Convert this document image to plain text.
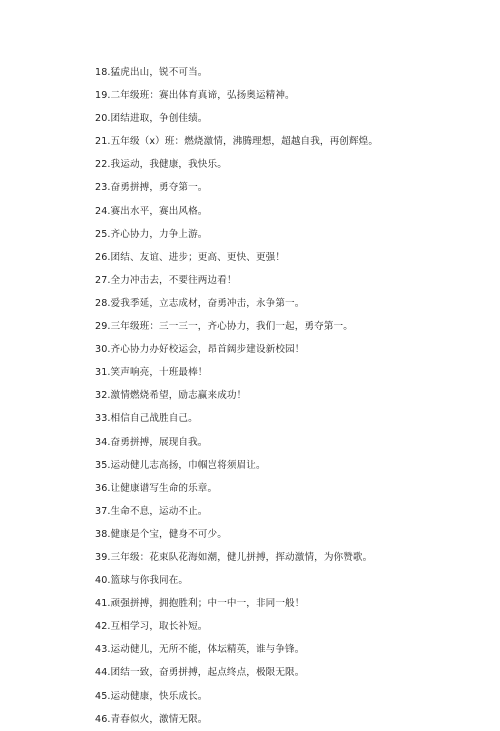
18.猛虎出山，锐不可当。
19.二年级班：赛出体育真谛，弘扬奥运精神。
20.团结进取，争创佳绩。
21.五年级（x）班：燃烧激情，沸腾理想，超越自我，再创辉煌。
22.我运动，我健康，我快乐。
23.奋勇拼搏，勇夺第一。
24.赛出水平，赛出风格。
25.齐心协力，力争上游。
26.团结、友谊、进步；更高、更快、更强！
27.全力冲击去，不要往两边看！
28.爱我季延，立志成材，奋勇冲击，永争第一。
29.三年级班：三一三一，齐心协力，我们一起，勇夺第一。
30.齐心协力办好校运会，昂首阔步建设新校园！
31.笑声响亮，十班最棒！
32.激情燃烧希望，励志赢来成功！
33.相信自己战胜自己。
34.奋勇拼搏，展现自我。
35.运动健儿志高扬，巾帼岂将须眉让。
36.让健康谱写生命的乐章。
37.生命不息，运动不止。
38.健康是个宝，健身不可少。
39.三年级：花束队花海如潮，健儿拼搏，挥动激情，为你赞歌。
40.篮球与你我同在。
41.顽强拼搏，拥抱胜利；中一中一，非同一般！
42.互相学习，取长补短。
43.运动健儿，无所不能，体坛精英，谁与争锋。
44.团结一致，奋勇拼搏，起点终点，极限无限。
45.运动健康，快乐成长。
46.青春似火，激情无限。
